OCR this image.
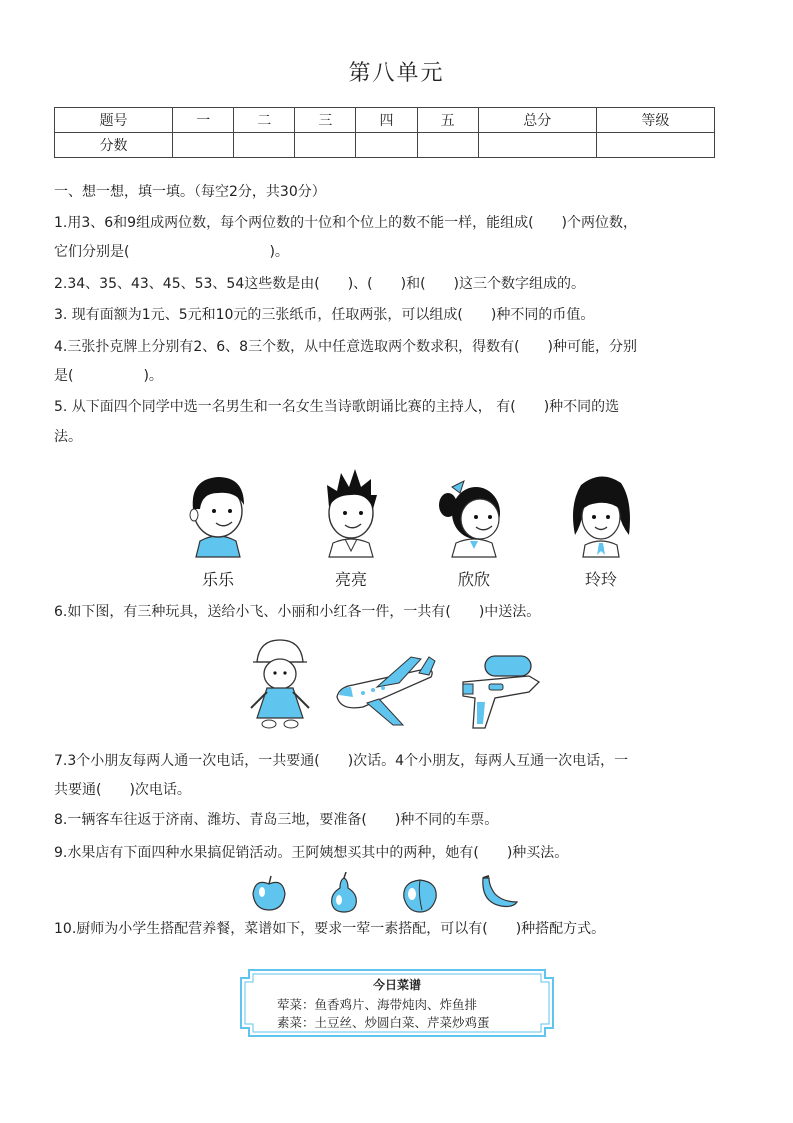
第八单元
题号	一	二	三	四	五	总分	等级
分数							
一、想一想，填一填。（每空2分，共30分）
1.用3、6和9组成两位数，每个两位数的十位和个位上的数不能一样，能组成(　　)个两位数，
它们分别是(　　　　　　　　　　)。
2.34、35、43、45、53、54这些数是由(　　)、(　　)和(　　)这三个数字组成的。
3. 现有面额为1元、5元和10元的三张纸币，任取两张，可以组成(　　)种不同的币值。
4.三张扑克牌上分别有2、6、8三个数，从中任意选取两个数求积，得数有(　　)种可能，分别
是(　　　　　)。
5. 从下面四个同学中选一名男生和一名女生当诗歌朗诵比赛的主持人， 有(　　)种不同的选
法。
乐乐	亮亮	欣欣	玲玲
6.如下图，有三种玩具，送给小飞、小丽和小红各一件，一共有(　　)中送法。
7.3个小朋友每两人通一次电话，一共要通(　　)次话。4个小朋友，每两人互通一次电话，一
共要通(　　)次电话。
8.一辆客车往返于济南、潍坊、青岛三地，要准备(　　)种不同的车票。
9.水果店有下面四种水果搞促销活动。王阿姨想买其中的两种，她有(　　)种买法。
10.厨师为小学生搭配营养餐，菜谱如下，要求一荤一素搭配，可以有(　　)种搭配方式。
今日菜谱
荤菜：鱼香鸡片、海带炖肉、炸鱼排
素菜：土豆丝、炒圆白菜、芹菜炒鸡蛋
